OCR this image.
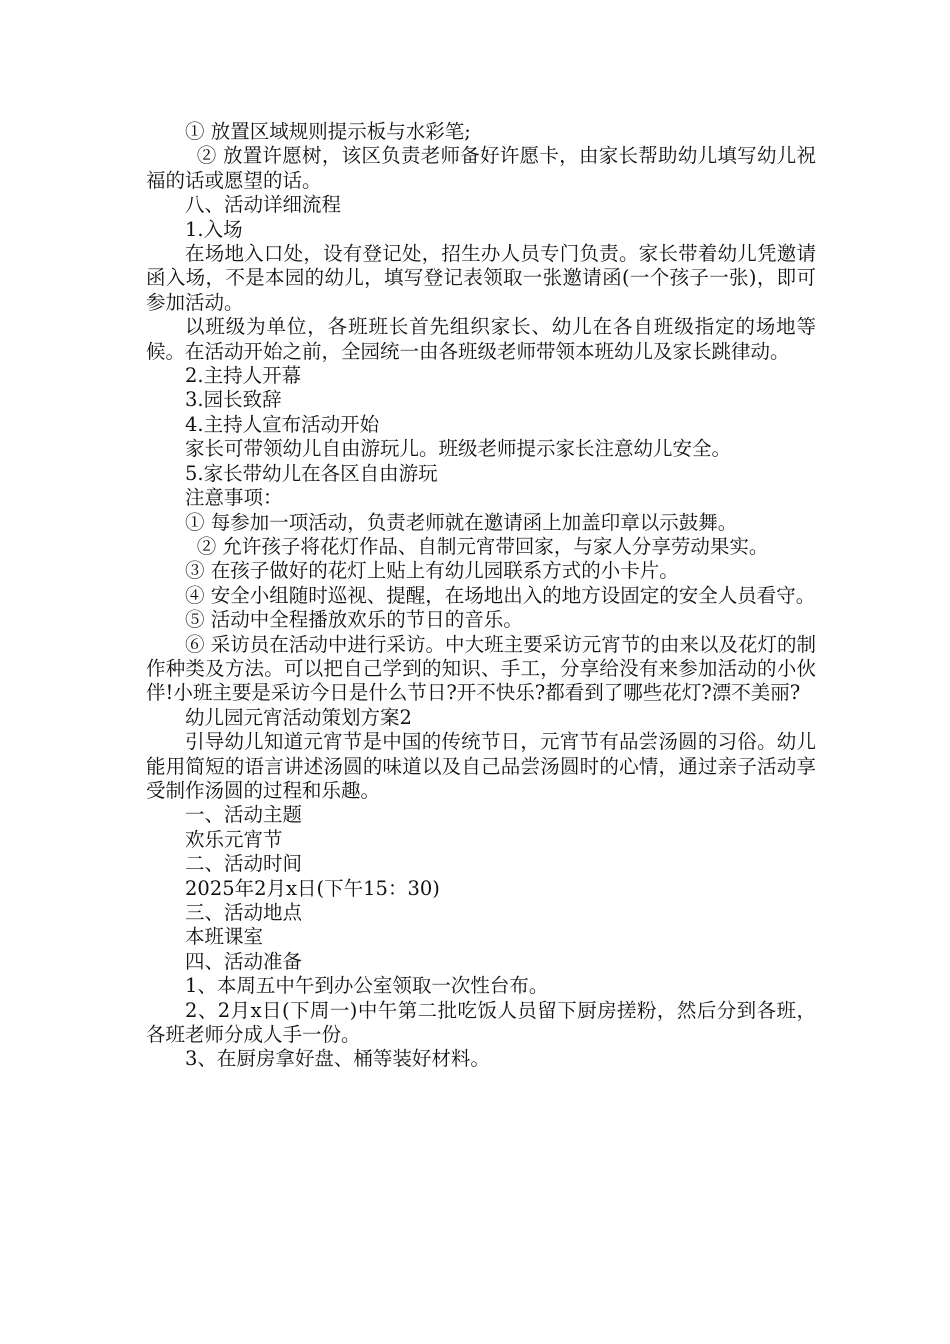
① 放置区域规则提示板与水彩笔;

② 放置许愿树，该区负责老师备好许愿卡，由家长帮助幼儿填写幼儿祝福的话或愿望的话。

八、活动详细流程

1.入场

在场地入口处，设有登记处，招生办人员专门负责。家长带着幼儿凭邀请函入场，不是本园的幼儿，填写登记表领取一张邀请函(一个孩子一张)，即可参加活动。

以班级为单位，各班班长首先组织家长、幼儿在各自班级指定的场地等候。在活动开始之前，全园统一由各班级老师带领本班幼儿及家长跳律动。

2.主持人开幕

3.园长致辞

4.主持人宣布活动开始

家长可带领幼儿自由游玩儿。班级老师提示家长注意幼儿安全。

5.家长带幼儿在各区自由游玩

注意事项：

① 每参加一项活动，负责老师就在邀请函上加盖印章以示鼓舞。

② 允许孩子将花灯作品、自制元宵带回家，与家人分享劳动果实。

③ 在孩子做好的花灯上贴上有幼儿园联系方式的小卡片。

④ 安全小组随时巡视、提醒，在场地出入的地方设固定的安全人员看守。

⑤ 活动中全程播放欢乐的节日的音乐。

⑥ 采访员在活动中进行采访。中大班主要采访元宵节的由来以及花灯的制作种类及方法。可以把自己学到的知识、手工，分享给没有来参加活动的小伙伴!小班主要是采访今日是什么节日?开不快乐?都看到了哪些花灯?漂不美丽?

幼儿园元宵活动策划方案2

引导幼儿知道元宵节是中国的传统节日，元宵节有品尝汤圆的习俗。幼儿能用简短的语言讲述汤圆的味道以及自己品尝汤圆时的心情，通过亲子活动享受制作汤圆的过程和乐趣。

一、活动主题

欢乐元宵节

二、活动时间

2025年2月x日(下午15：30)

三、活动地点

本班课室

四、活动准备

1、本周五中午到办公室领取一次性台布。

2、2月x日(下周一)中午第二批吃饭人员留下厨房搓粉，然后分到各班，各班老师分成人手一份。

3、在厨房拿好盘、桶等装好材料。
